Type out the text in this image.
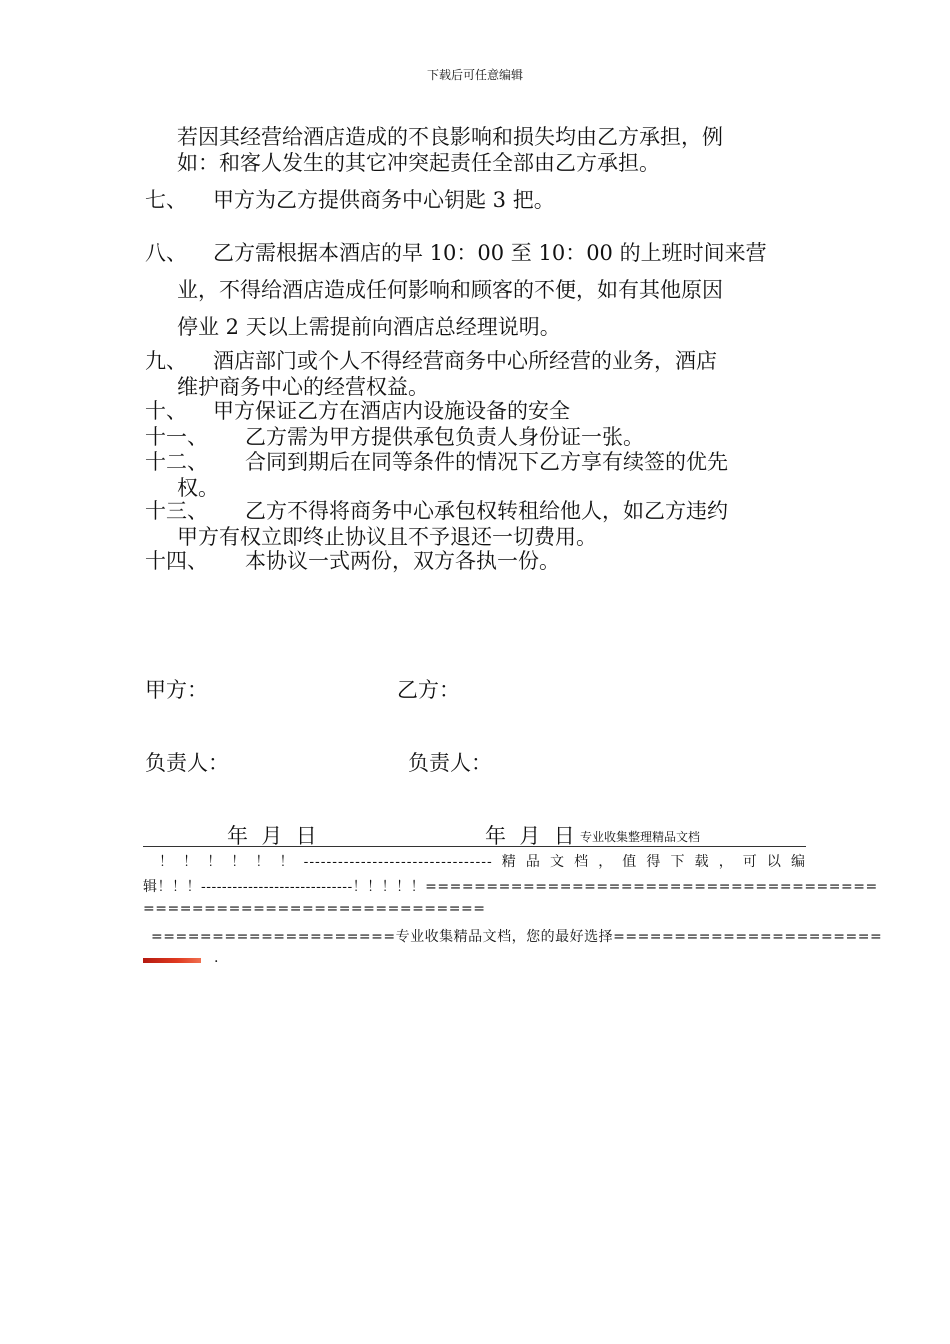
下载后可任意编辑
若因其经营给酒店造成的不良影响和损失均由乙方承担，例
如：和客人发生的其它冲突起责任全部由乙方承担。
七、 甲方为乙方提供商务中心钥匙 3 把。
八、 乙方需根据本酒店的早 10：00 至 10：00 的上班时间来营
业，不得给酒店造成任何影响和顾客的不便，如有其他原因
停业 2 天以上需提前向酒店总经理说明。
九、 酒店部门或个人不得经营商务中心所经营的业务，酒店
维护商务中心的经营权益。
十、 甲方保证乙方在酒店内设施设备的安全
十一、 乙方需为甲方提供承包负责人身份证一张。
十二、 合同到期后在同等条件的情况下乙方享有续签的优先
权。
十三、 乙方不得将商务中心承包权转租给他人，如乙方违约
甲方有权立即终止协议且不予退还一切费用。
十四、 本协议一式两份，双方各执一份。
甲方：	乙方：
负责人：	负责人：
年  月  日	年  月  日 专业收集整理精品文档
！！！！！！---------------------------------精品文档，值得下载，可以编
辑！！！-----------------------------！！！！！=====================================
============================
====================专业收集精品文档，您的最好选择======================
.
